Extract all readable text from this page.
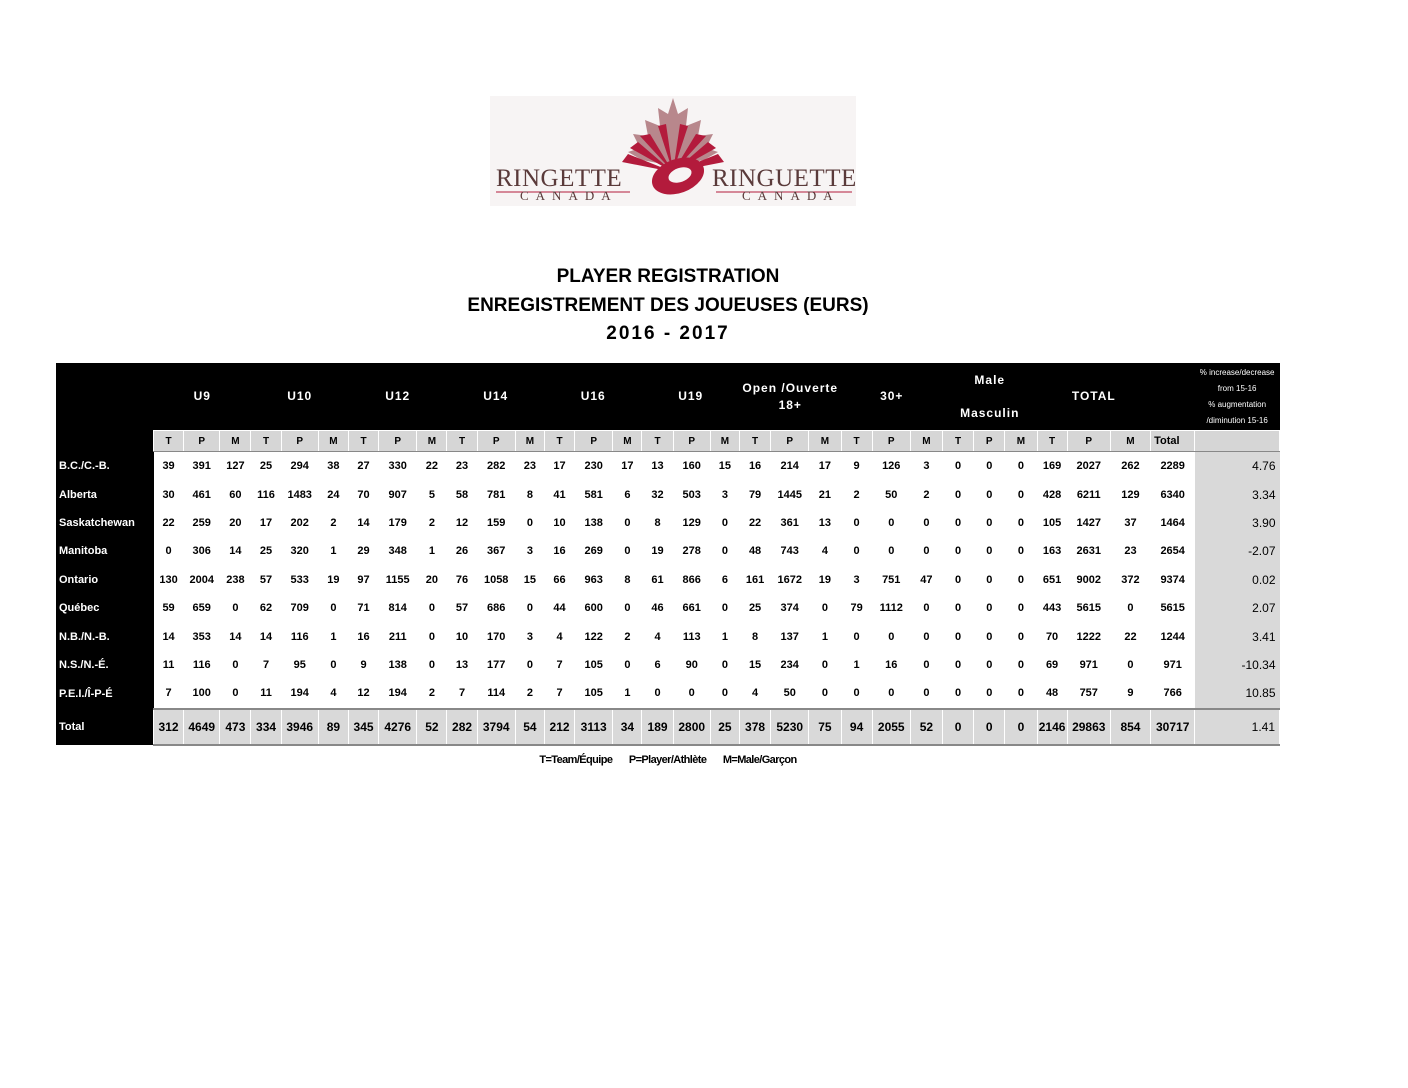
RINGETTE	RINGUETTE
CANADA	CANADA
PLAYER REGISTRATION
ENREGISTREMENT DES JOUEUSES (EURS)
2016 - 2017
	U9			U10			U12			U14			U16			U19			Open /Ouverte
18+			30+			Male
Masculin			TOTAL				% increase/decrease
from 15-16
% augmentation
/diminution 15-16
	T	P	M	T	P	M	T	P	M	T	P	M	T	P	M	T	P	M	T	P	M	T	P	M	T	P	M	T	P	M	Total	
B.C./C.-B.	39	391	127	25	294	38	27	330	22	23	282	23	17	230	17	13	160	15	16	214	17	9	126	3	0	0	0	169	2027	262	2289	4.76
Alberta	30	461	60	116	1483	24	70	907	5	58	781	8	41	581	6	32	503	3	79	1445	21	2	50	2	0	0	0	428	6211	129	6340	3.34
Saskatchewan	22	259	20	17	202	2	14	179	2	12	159	0	10	138	0	8	129	0	22	361	13	0	0	0	0	0	0	105	1427	37	1464	3.90
Manitoba	0	306	14	25	320	1	29	348	1	26	367	3	16	269	0	19	278	0	48	743	4	0	0	0	0	0	0	163	2631	23	2654	-2.07
Ontario	130	2004	238	57	533	19	97	1155	20	76	1058	15	66	963	8	61	866	6	161	1672	19	3	751	47	0	0	0	651	9002	372	9374	0.02
Québec	59	659	0	62	709	0	71	814	0	57	686	0	44	600	0	46	661	0	25	374	0	79	1112	0	0	0	0	443	5615	0	5615	2.07
N.B./N.-B.	14	353	14	14	116	1	16	211	0	10	170	3	4	122	2	4	113	1	8	137	1	0	0	0	0	0	0	70	1222	22	1244	3.41
N.S./N.-É.	11	116	0	7	95	0	9	138	0	13	177	0	7	105	0	6	90	0	15	234	0	1	16	0	0	0	0	69	971	0	971	-10.34
P.E.I./Î-P-É	7	100	0	11	194	4	12	194	2	7	114	2	7	105	1	0	0	0	4	50	0	0	0	0	0	0	0	48	757	9	766	10.85
Total	312	4649	473	334	3946	89	345	4276	52	282	3794	54	212	3113	34	189	2800	25	378	5230	75	94	2055	52	0	0	0	2146	29863	854	30717	1.41
T=Team/Équipe P=Player/Athlète M=Male/Garçon
